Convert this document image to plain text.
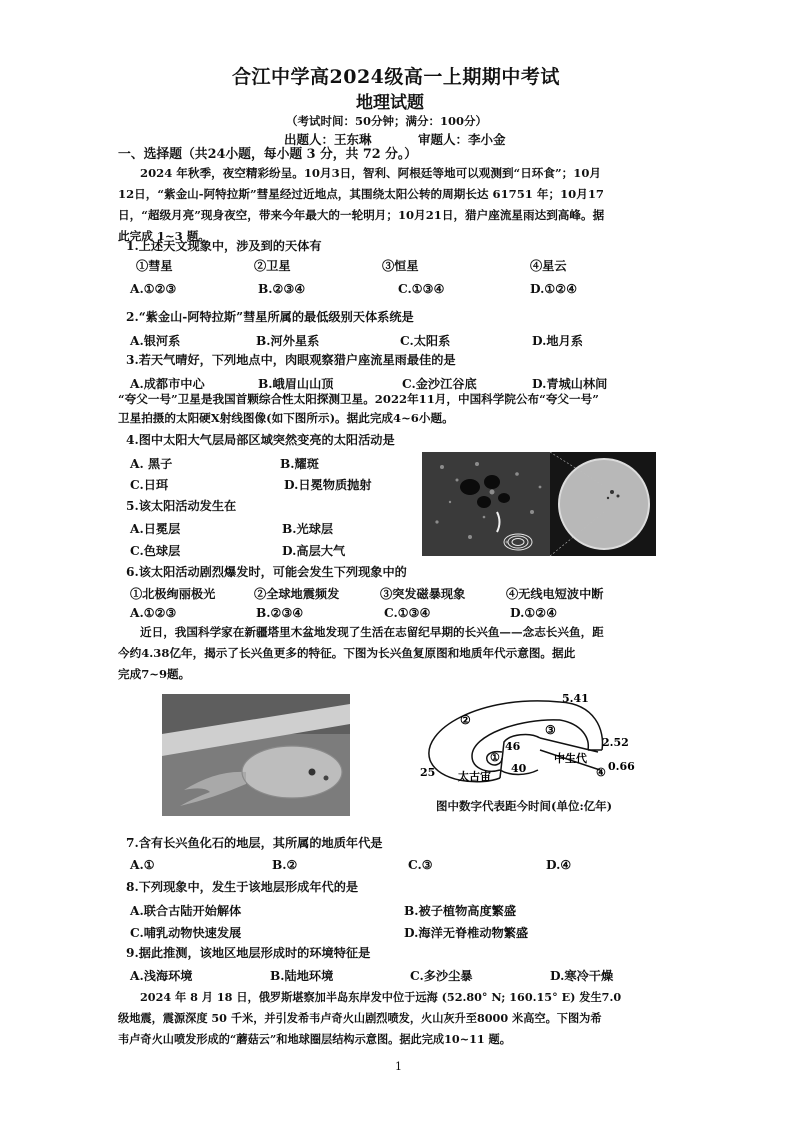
合江中学高2024级高一上期期中考试
地理试题
（考试时间：50分钟；满分：100分）
出题人：王东琳	审题人：李小金
一、选择题（共24小题，每小题 3 分，共 72 分。）
2024 年秋季，夜空精彩纷呈。10月3日，智利、阿根廷等地可以观测到“日环食”；10月
12日，“紫金山-阿特拉斯”彗星经过近地点，其围绕太阳公转的周期长达 61751 年；10月17
日，“超级月亮”现身夜空，带来今年最大的一轮明月；10月21日，猎户座流星雨达到高峰。据
此完成 1~3 题。
1.上述天文现象中，涉及到的天体有
①彗星	②卫星	③恒星	④星云
A.①②③	B.②③④	C.①③④	D.①②④
2.“紫金山-阿特拉斯”彗星所属的最低级别天体系统是
A.银河系	B.河外星系	C.太阳系	D.地月系
3.若天气晴好，下列地点中，肉眼观察猎户座流星雨最佳的是
A.成都市中心	B.峨眉山山顶	C.金沙江谷底	D.青城山林间
“夸父一号”卫星是我国首颗综合性太阳探测卫星。2022年11月，中国科学院公布“夸父一号”
卫星拍摄的太阳硬X射线图像(如下图所示)。据此完成4~6小题。
4.图中太阳大气层局部区域突然变亮的太阳活动是
A. 黑子	B.耀斑
C.日珥	D.日冕物质抛射
5.该太阳活动发生在
A.日冕层	B.光球层
C.色球层	D.高层大气
6.该太阳活动剧烈爆发时，可能会发生下列现象中的
①北极绚丽极光	②全球地震频发	③突发磁暴现象	④无线电短波中断
A.①②③	B.②③④	C.①③④	D.①②④
近日，我国科学家在新疆塔里木盆地发现了生活在志留纪早期的长兴鱼——念志长兴鱼，距
今约4.38亿年，揭示了长兴鱼更多的特征。下图为长兴鱼复原图和地质年代示意图。据此
完成7~9题。
5.41
②
③
2.52
46
①
40
中生代
25 太古宙	④ 0.66
图中数字代表距今时间(单位:亿年)
7.含有长兴鱼化石的地层，其所属的地质年代是
A.①	B.②	C.③	D.④
8.下列现象中，发生于该地层形成年代的是
A.联合古陆开始解体	B.被子植物高度繁盛
C.哺乳动物快速发展	D.海洋无脊椎动物繁盛
9.据此推测，该地区地层形成时的环境特征是
A.浅海环境	B.陆地环境	C.多沙尘暴	D.寒冷干燥
2024 年 8 月 18 日，俄罗斯堪察加半岛东岸发中位于远海 (52.80° N; 160.15° E) 发生7.0
级地震，震源深度 50 千米，并引发希韦卢奇火山剧烈喷发，火山灰升至8000 米高空。下图为希
韦卢奇火山喷发形成的“蘑菇云”和地球圈层结构示意图。据此完成10~11 题。
1
